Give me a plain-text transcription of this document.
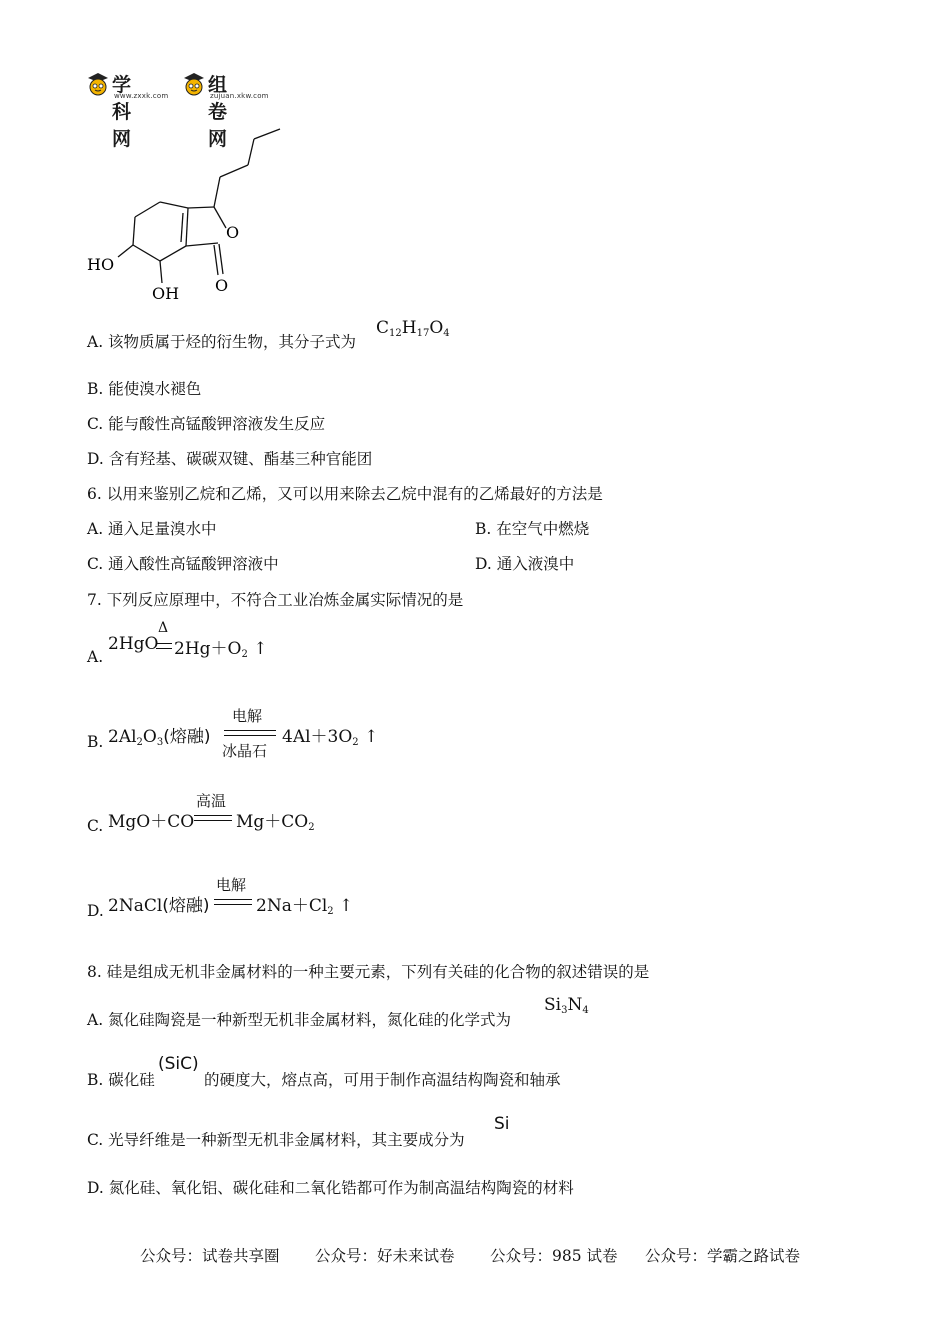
学科网
www.zxxk.com 组卷网
zujuan.xkw.com
O
O
HO
OH
A. 该物质属于烃的衍生物，其分子式为
$C_{12}H_{17}O_4$
B. 能使溴水褪色
C. 能与酸性高锰酸钾溶液发生反应
D. 含有羟基、碳碳双键、酯基三种官能团
6. 以用来鉴别乙烷和乙烯，又可以用来除去乙烷中混有的乙烯最好的方法是
A. 通入足量溴水中	B. 在空气中燃烧
C. 通入酸性高锰酸钾溶液中	D. 通入液溴中
7. 下列反应原理中，不符合工业冶炼金属实际情况的是
A.
2HgO
Δ
$2Hg+O_2$ ↑
B. $2Al_2O_3$(熔融)
电解
冰晶石
$4Al+3O_2$ ↑
C. MgO＋CO
高温
$Mg+CO_2$
D. 2NaCl(熔融)
电解
$2Na+Cl_2$ ↑
8. 硅是组成无机非金属材料的一种主要元素，下列有关硅的化合物的叙述错误的是
A. 氮化硅陶瓷是一种新型无机非金属材料，氮化硅的化学式为
$Si_3N_4$
B. 碳化硅
(SiC)
的硬度大，熔点高，可用于制作高温结构陶瓷和轴承
C. 光导纤维是一种新型无机非金属材料，其主要成分为
Si
D. 氮化硅、氧化铝、碳化硅和二氧化锆都可作为制高温结构陶瓷的材料
公众号：试卷共享圈 公众号：好未来试卷 公众号：985 试卷 公众号：学霸之路试卷
